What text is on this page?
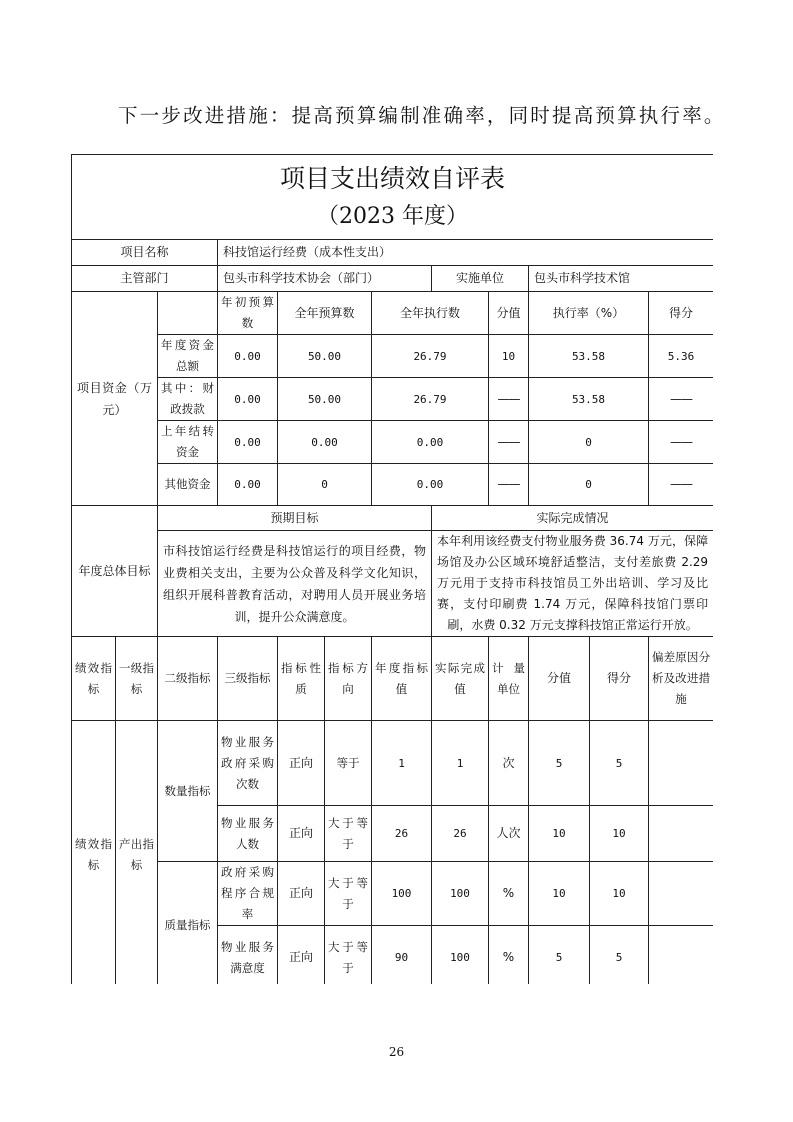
下一步改进措施：提高预算编制准确率，同时提高预算执行率。
项目支出绩效自评表
（2023 年度）											

项目名称			科技馆运行经费（成本性支出）								
主管部门			包头市科学技术协会（部门）				实施单位		包头市科学技术馆		
项目资金（万元）			年初预算数	全年预算数		全年执行数		分值	执行率（%）		得分
		年度资金总额	0.00	50.00		26.79		10	53.58		5.36
		其中：财政拨款	0.00	50.00		26.79		——	53.58		——
		上年结转资金	0.00	0.00		0.00		——	0		——
		其他资金	0.00	0		0.00		——	0		——
年度总体目标		预期目标					实际完成情况				
		市科技馆运行经费是科技馆运行的项目经费，物业费相关支出，主要为公众普及科学文化知识，组织开展科普教育活动，对聘用人员开展业务培训，提升公众满意度。					本年利用该经费支付物业服务费 36.74 万元，保障场馆及办公区域环境舒适整洁，支付差旅费 2.29 万元用于支持市科技馆员工外出培训、学习及比赛，支付印刷费 1.74 万元，保障科技馆门票印刷，水费 0.32 万元支撑科技馆正常运行开放。				
绩效指标	一级指标	二级指标	三级指标	指标性质	指标方向	年度指标值	实际完成值	计量单位	分值	得分	偏差原因分析及改进措施
绩效指标	产出指标	数量指标	物业服务政府采购次数	正向	等于	1	1	次	5	5	
			物业服务人数	正向	大于等于	26	26	人次	10	10	
		质量指标	政府采购程序合规率	正向	大于等于	100	100	%	10	10	
			物业服务满意度	正向	大于等于	90	100	%	5	5	
26
